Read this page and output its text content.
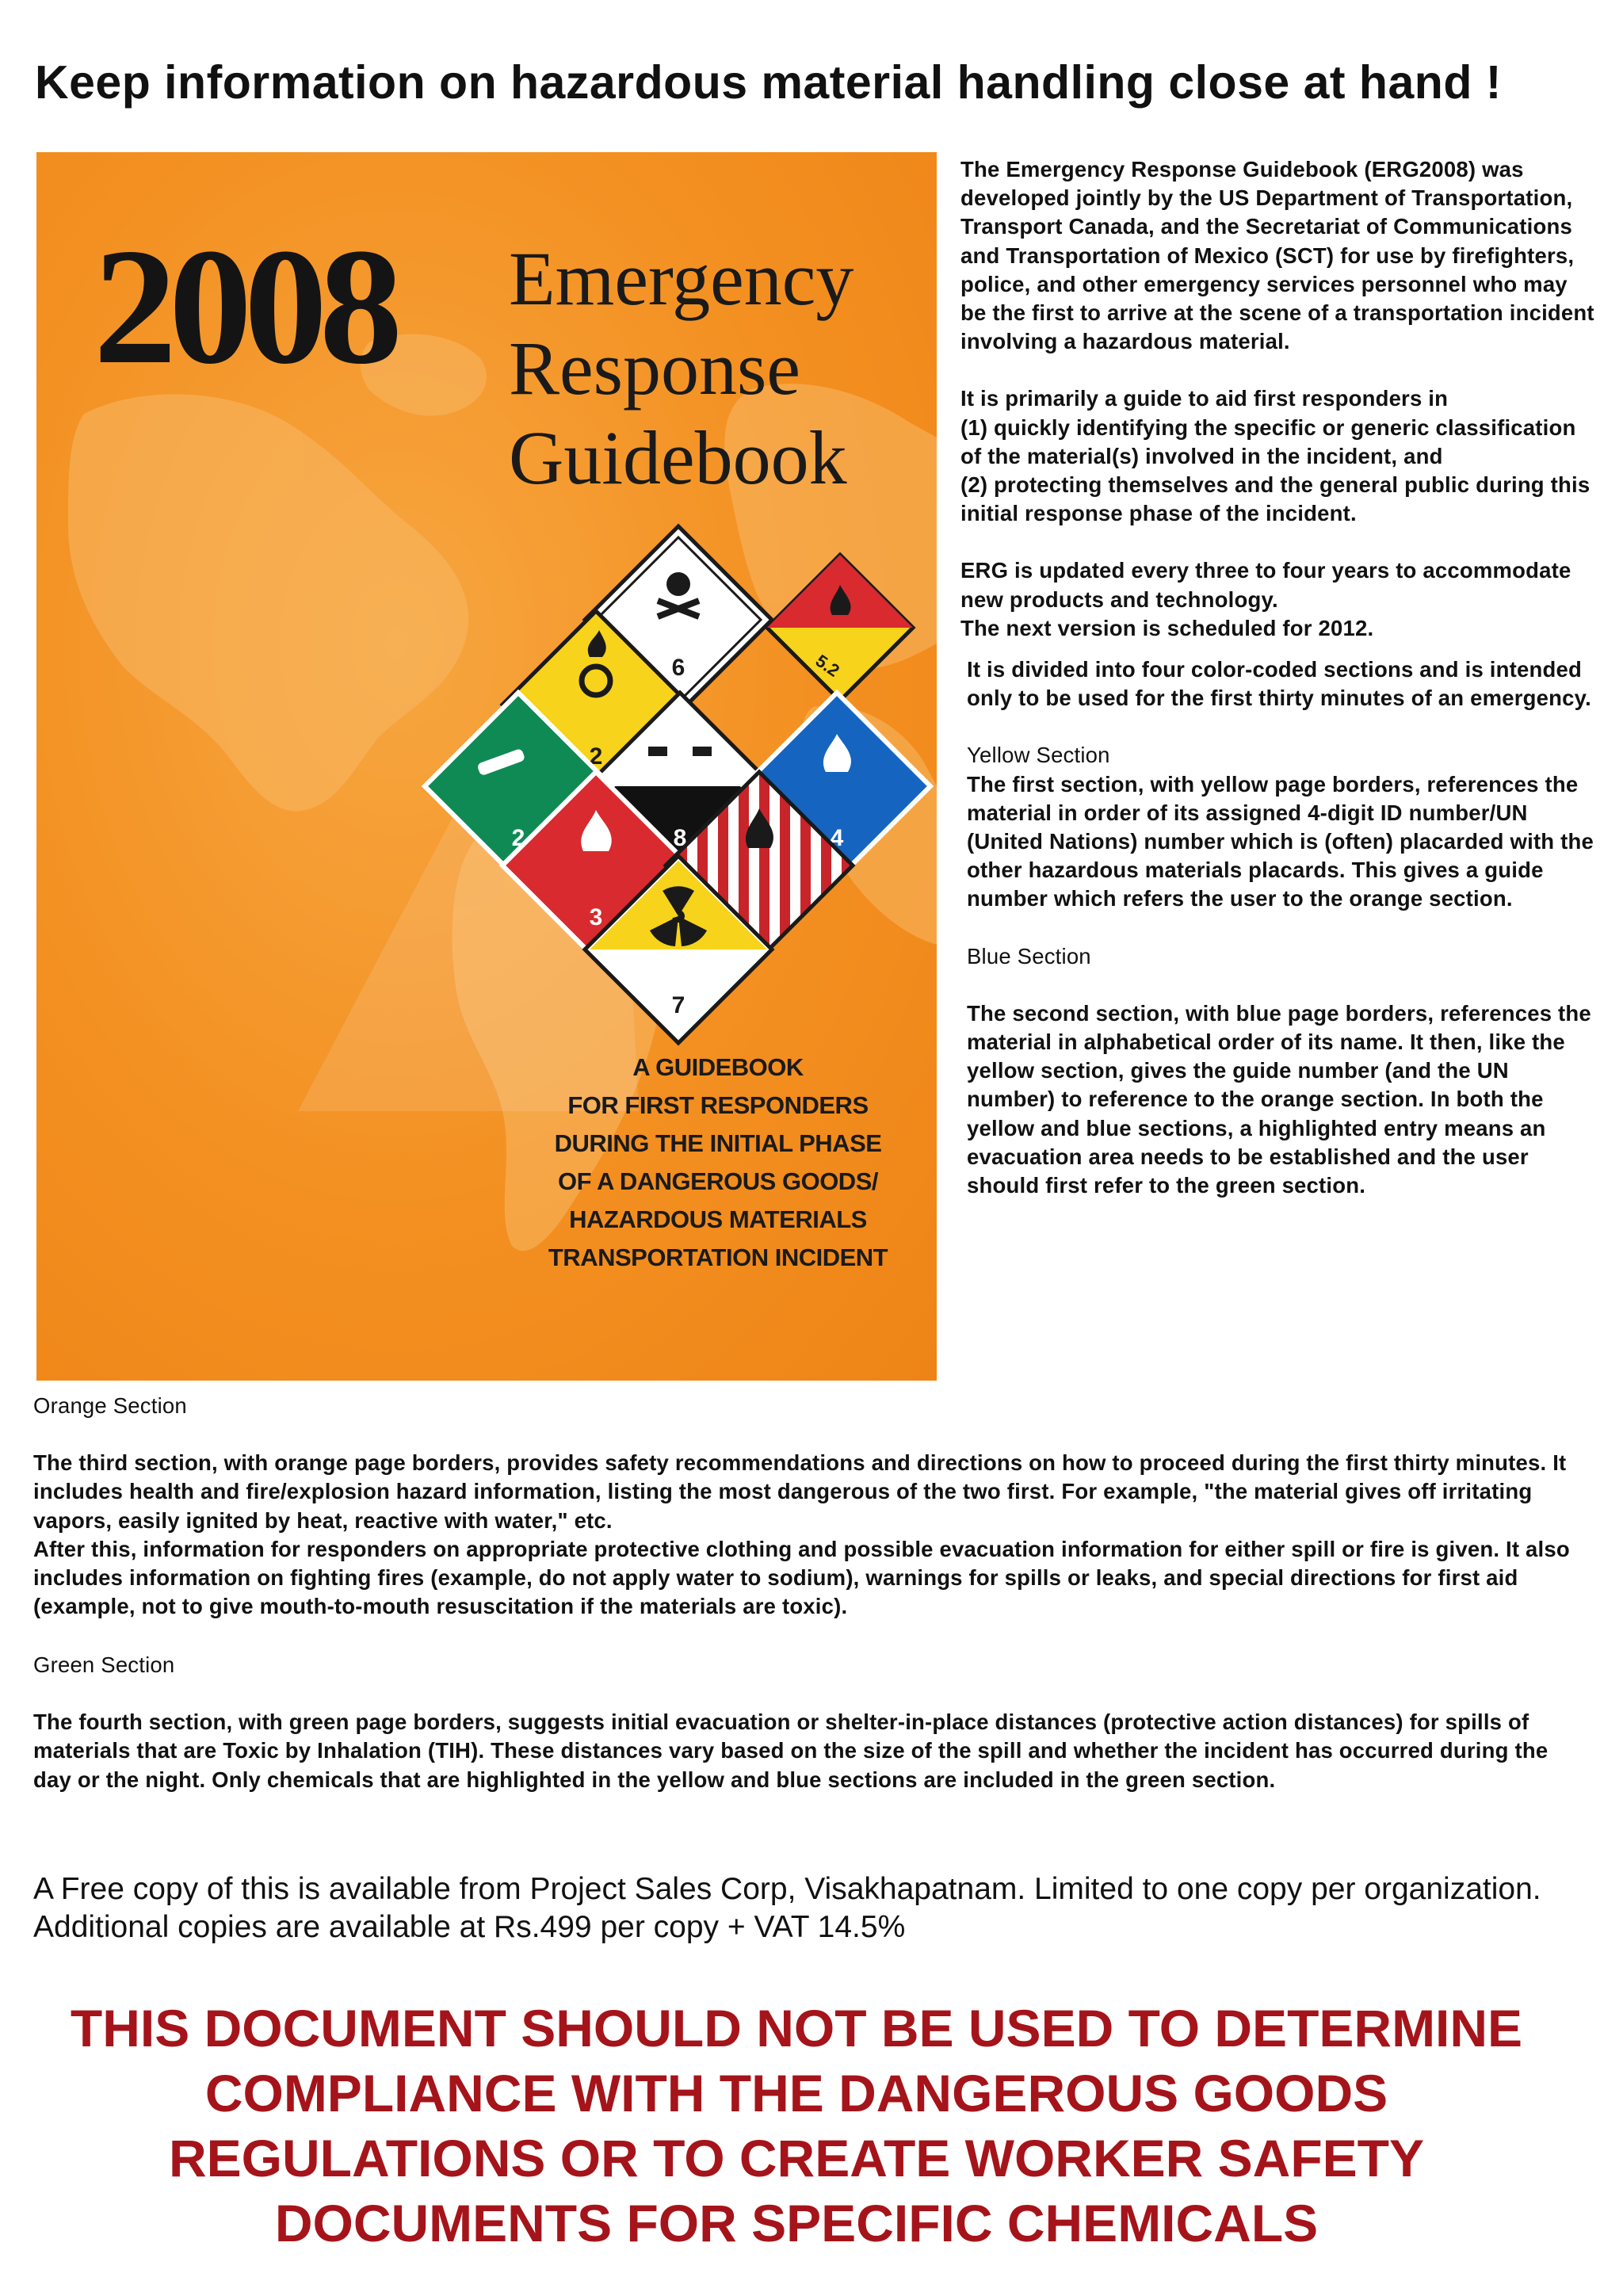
Keep information on hazardous material handling close at hand !
2008 Emergency
Response
Guidebook
6	5.2
2
8	4
2
3
7
A GUIDEBOOK
FOR FIRST RESPONDERS
DURING THE INITIAL PHASE
OF A DANGEROUS GOODS/
HAZARDOUS MATERIALS
TRANSPORTATION INCIDENT

The Emergency Response Guidebook (ERG2008) was developed jointly by the US Department of Transportation, Transport Canada, and the Secretariat of Communications and Transportation of Mexico (SCT) for use by firefighters, police, and other emergency services personnel who may be the first to arrive at the scene of a transportation incident involving a hazardous material.

It is primarily a guide to aid first responders in

(1) quickly identifying the specific or generic classification of the material(s) involved in the incident, and

(2) protecting themselves and the general public during this initial response phase of the incident.

ERG is updated every three to four years to accommodate new products and technology.

The next version is scheduled for 2012.

It is divided into four color-coded sections and is intended only to be used for the first thirty minutes of an emergency.

Yellow Section

The first section, with yellow page borders, references the material in order of its assigned 4-digit ID number/UN (United Nations) number which is (often) placarded with the other hazardous materials placards. This gives a guide number which refers the user to the orange section.

Blue Section

The second section, with blue page borders, references the material in alphabetical order of its name. It then, like the yellow section, gives the guide number (and the UN number) to reference to the orange section. In both the yellow and blue sections, a highlighted entry means an evacuation area needs to be established and the user should first refer to the green section.

Orange Section

The third section, with orange page borders, provides safety recommendations and directions on how to proceed during the first thirty minutes. It includes health and fire/explosion hazard information, listing the most dangerous of the two first. For example, "the material gives off irritating vapors, easily ignited by heat, reactive with water," etc.

After this, information for responders on appropriate protective clothing and possible evacuation information for either spill or fire is given. It also includes information on fighting fires (example, do not apply water to sodium), warnings for spills or leaks, and special directions for first aid (example, not to give mouth-to-mouth resuscitation if the materials are toxic).

Green Section

The fourth section, with green page borders, suggests initial evacuation or shelter-in-place distances (protective action distances) for spills of materials that are Toxic by Inhalation (TIH). These distances vary based on the size of the spill and whether the incident has occurred during the day or the night. Only chemicals that are highlighted in the yellow and blue sections are included in the green section.

A Free copy of this is available from Project Sales Corp, Visakhapatnam. Limited to one copy per organization. Additional copies are available at Rs.499 per copy + VAT 14.5%

THIS DOCUMENT SHOULD NOT BE USED TO DETERMINE
COMPLIANCE WITH THE DANGEROUS GOODS
REGULATIONS OR TO CREATE WORKER SAFETY
DOCUMENTS FOR SPECIFIC CHEMICALS
